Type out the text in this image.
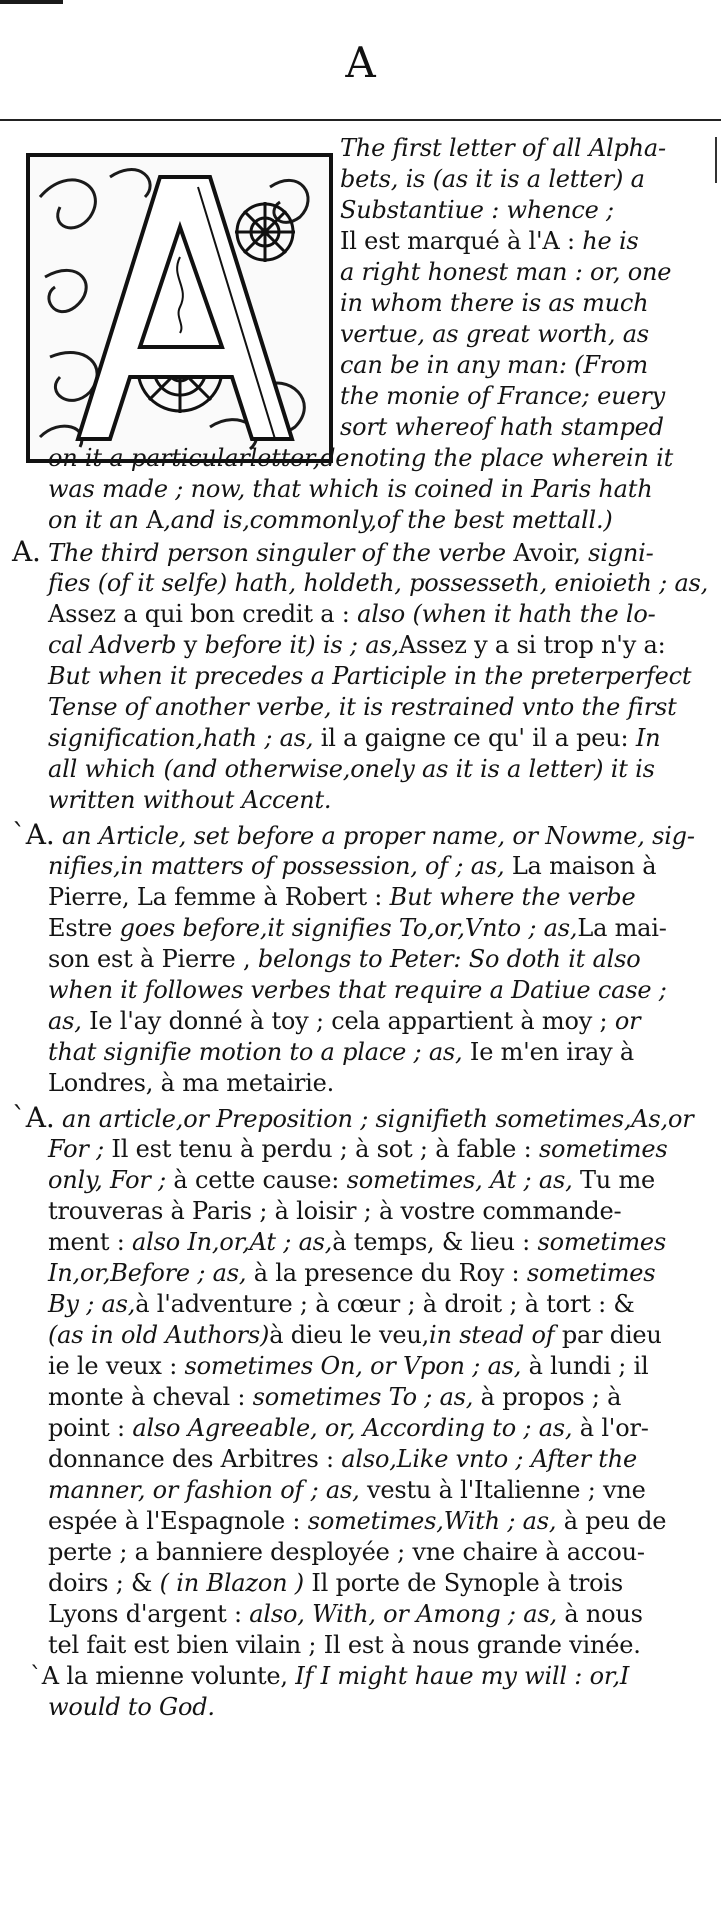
A
The first letter of all Alpha-
bets, is (as it is a letter) a
Substantiue : whence ;
Il est marqué à l'A : he is
a right honest man : or, one
in whom there is as much
vertue, as great worth, as
can be in any man: (From
the monie of France; euery
sort whereof hath stamped
on it a particularletter,denoting the place wherein it
was made ; now, that which is coined in Paris hath
on it an A,and is,commonly,of the best mettall.)
A. The third person singuler of the verbe Avoir, signi-
fies (of it selfe) hath, holdeth, possesseth, enioieth ; as,
Assez a qui bon credit a : also (when it hath the lo-
cal Adverb y before it) is ; as,Assez y a si trop n'y a:
But when it precedes a Participle in the preterperfect
Tense of another verbe, it is restrained vnto the first
signification,hath ; as, il a gaigne ce qu' il a peu: In
all which (and otherwise,onely as it is a letter) it is
written without Accent.
`A. an Article, set before a proper name, or Nowme, sig-
nifies,in matters of possession, of ; as, La maison à
Pierre, La femme à Robert : But where the verbe
Estre goes before,it signifies To,or,Vnto ; as,La mai-
son est à Pierre , belongs to Peter: So doth it also
when it followes verbes that require a Datiue case ;
as, Ie l'ay donné à toy ; cela appartient à moy ; or
that signifie motion to a place ; as, Ie m'en iray à
Londres, à ma metairie.
`A. an article,or Preposition ; signifieth sometimes,As,or
For ; Il est tenu à perdu ; à sot ; à fable : sometimes
only, For ; à cette cause: sometimes, At ; as, Tu me
trouveras à Paris ; à loisir ; à vostre commande-
ment : also In,or,At ; as,à temps, & lieu : sometimes
In,or,Before ; as, à la presence du Roy : sometimes
By ; as,à l'adventure ; à cœur ; à droit ; à tort : &
(as in old Authors)à dieu le veu,in stead of par dieu
ie le veux : sometimes On, or Vpon ; as, à lundi ; il
monte à cheval : sometimes To ; as, à propos ; à
point : also Agreeable, or, According to ; as, à l'or-
donnance des Arbitres : also,Like vnto ; After the
manner, or fashion of ; as, vestu à l'Italienne ; vne
espée à l'Espagnole : sometimes,With ; as, à peu de
perte ; a banniere desployée ; vne chaire à accou-
doirs ; & ( in Blazon ) Il porte de Synople à trois
Lyons d'argent : also, With, or Among ; as, à nous
tel fait est bien vilain ; Il est à nous grande vinée.
`A la mienne volunte, If I might haue my will : or,I
would to God.
